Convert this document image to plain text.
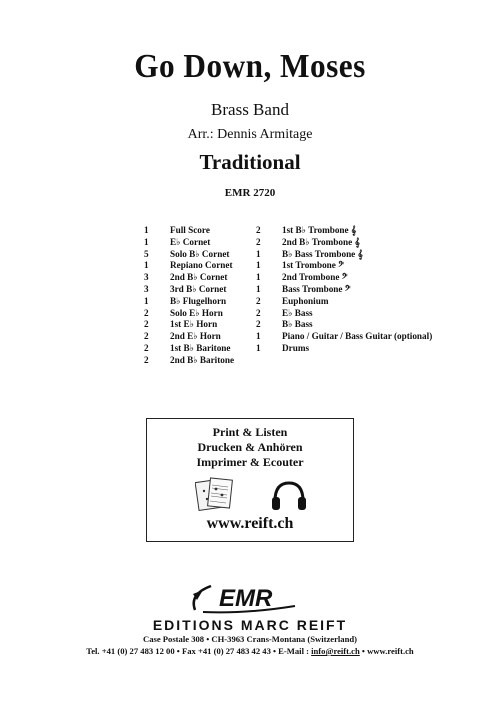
Go Down, Moses
Brass Band
Arr.: Dennis Armitage
Traditional
EMR 2720
1 Full Score
1 E♭ Cornet
5 Solo B♭ Cornet
1 Repiano Cornet
3 2nd B♭ Cornet
3 3rd B♭ Cornet
1 B♭ Flugelhorn
2 Solo E♭ Horn
2 1st E♭ Horn
2 2nd E♭ Horn
2 1st B♭ Baritone
2 2nd B♭ Baritone
2 1st B♭ Trombone 𝄞
2 2nd B♭ Trombone 𝄞
1 B♭ Bass Trombone 𝄞
1 1st Trombone 𝄢
1 2nd Trombone 𝄢
1 Bass Trombone 𝄢
2 Euphonium
2 E♭ Bass
2 B♭ Bass
1 Piano / Guitar / Bass Guitar (optional)
1 Drums
Print & Listen
Drucken & Anhören
Imprimer & Ecouter
www.reift.ch
EMR
EDITIONS MARC REIFT
Case Postale 308 • CH-3963 Crans-Montana (Switzerland)
Tel. +41 (0) 27 483 12 00 • Fax +41 (0) 27 483 42 43 • E-Mail : info@reift.ch • www.reift.ch
